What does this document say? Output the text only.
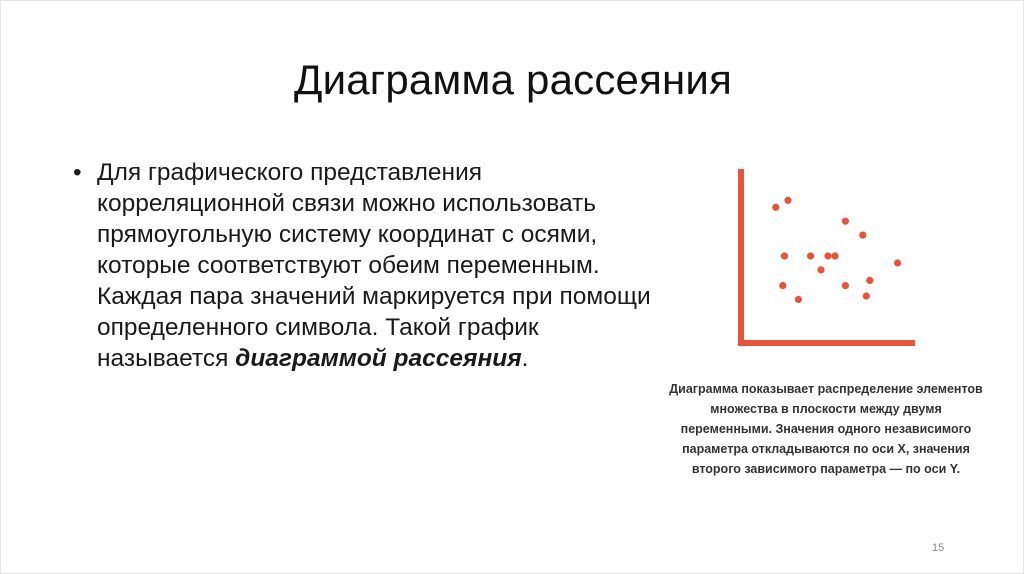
Диаграмма рассеяния
• Для графического представления корреляционной связи можно использовать прямоугольную систему координат с осями, которые соответствуют обеим переменным. Каждая пара значений маркируется при помощи определенного символа. Такой график называется диаграммой рассеяния.
Диаграмма показывает распределение элементов множества в плоскости между двумя переменными. Значения одного независимого параметра откладываются по оси X, значения второго зависимого параметра — по оси Y.
15
